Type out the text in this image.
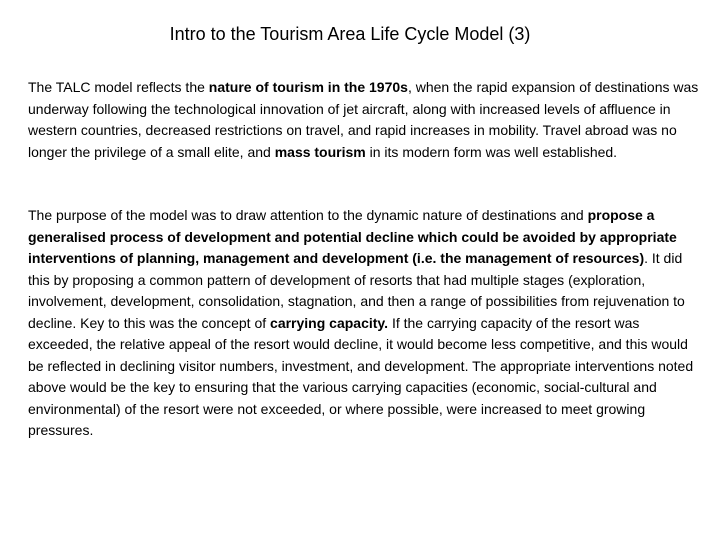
Intro to the Tourism Area Life Cycle Model (3)

The TALC model reflects the nature of tourism in the 1970s, when the rapid expansion of destinations was underway following the technological innovation of jet aircraft, along with increased levels of affluence in western countries, decreased restrictions on travel, and rapid increases in mobility. Travel abroad was no longer the privilege of a small elite, and mass tourism in its modern form was well established.

The purpose of the model was to draw attention to the dynamic nature of destinations and propose a generalised process of development and potential decline which could be avoided by appropriate interventions of planning, management and development (i.e. the management of resources). It did this by proposing a common pattern of development of resorts that had multiple stages (exploration, involvement, development, consolidation, stagnation, and then a range of possibilities from rejuvenation to decline. Key to this was the concept of carrying capacity. If the carrying capacity of the resort was exceeded, the relative appeal of the resort would decline, it would become less competitive, and this would be reflected in declining visitor numbers, investment, and development. The appropriate interventions noted above would be the key to ensuring that the various carrying capacities (economic, social-cultural and environmental) of the resort were not exceeded, or where possible, were increased to meet growing pressures.
